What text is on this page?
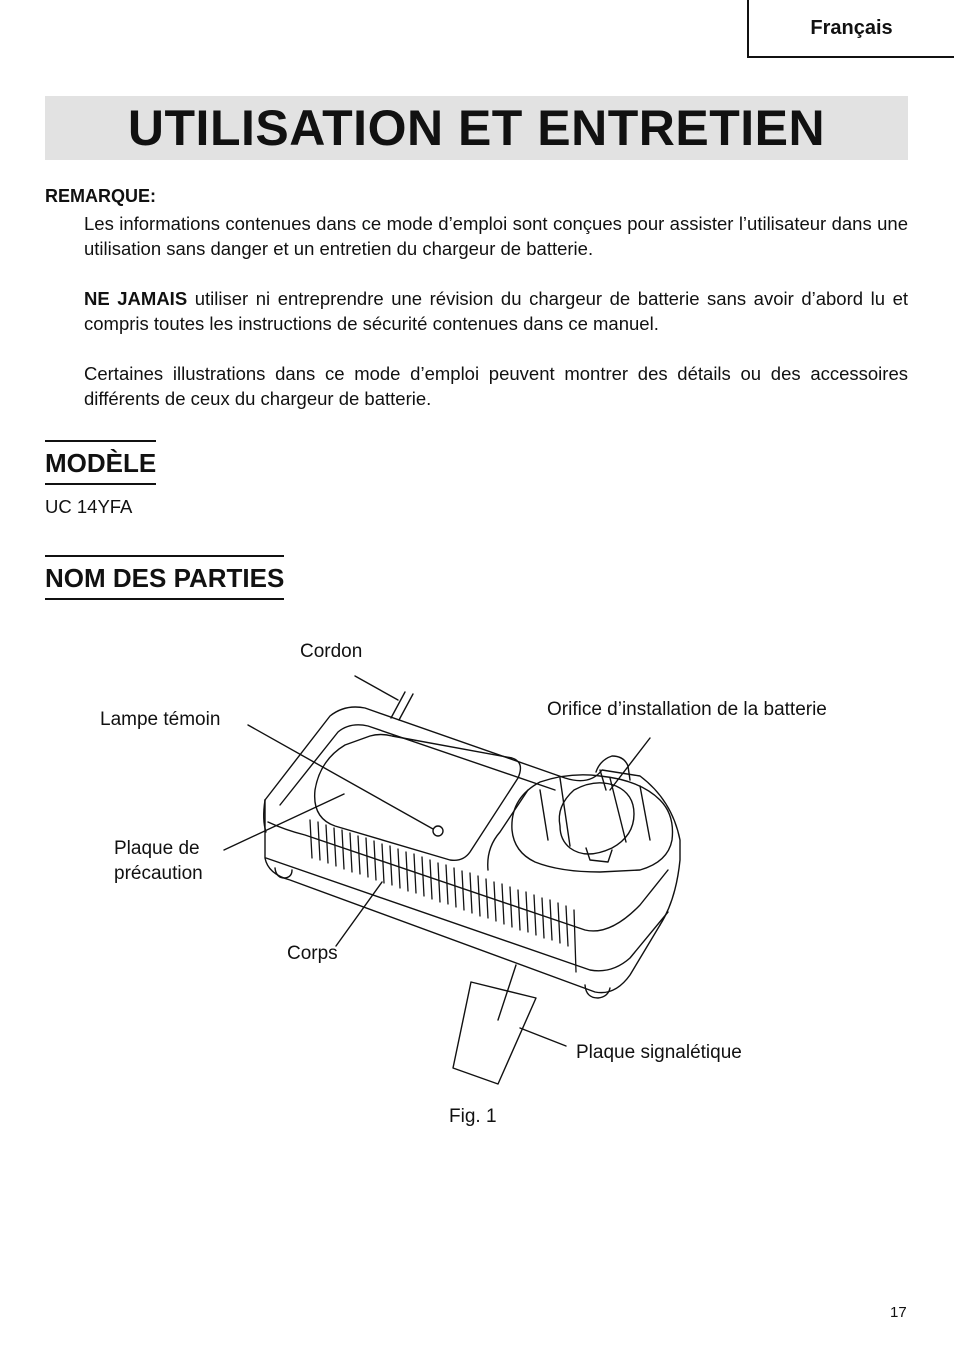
Français
UTILISATION ET ENTRETIEN
REMARQUE:
Les informations contenues dans ce mode d’emploi sont conçues pour assister l’utilisateur dans une utilisation sans danger et un entretien du chargeur de batterie.
NE JAMAIS utiliser ni entreprendre une révision du chargeur de batterie sans avoir d’abord lu et compris toutes les instructions de sécurité contenues dans ce manuel.
Certaines illustrations dans ce mode d’emploi peuvent montrer des détails ou des accessoires différents de ceux du chargeur de batterie.
MODÈLE
UC 14YFA
NOM DES PARTIES
Cordon
Lampe témoin	Orifice d’installation de la batterie
Plaque de
précaution
Corps
Plaque signalétique
Fig. 1
17
